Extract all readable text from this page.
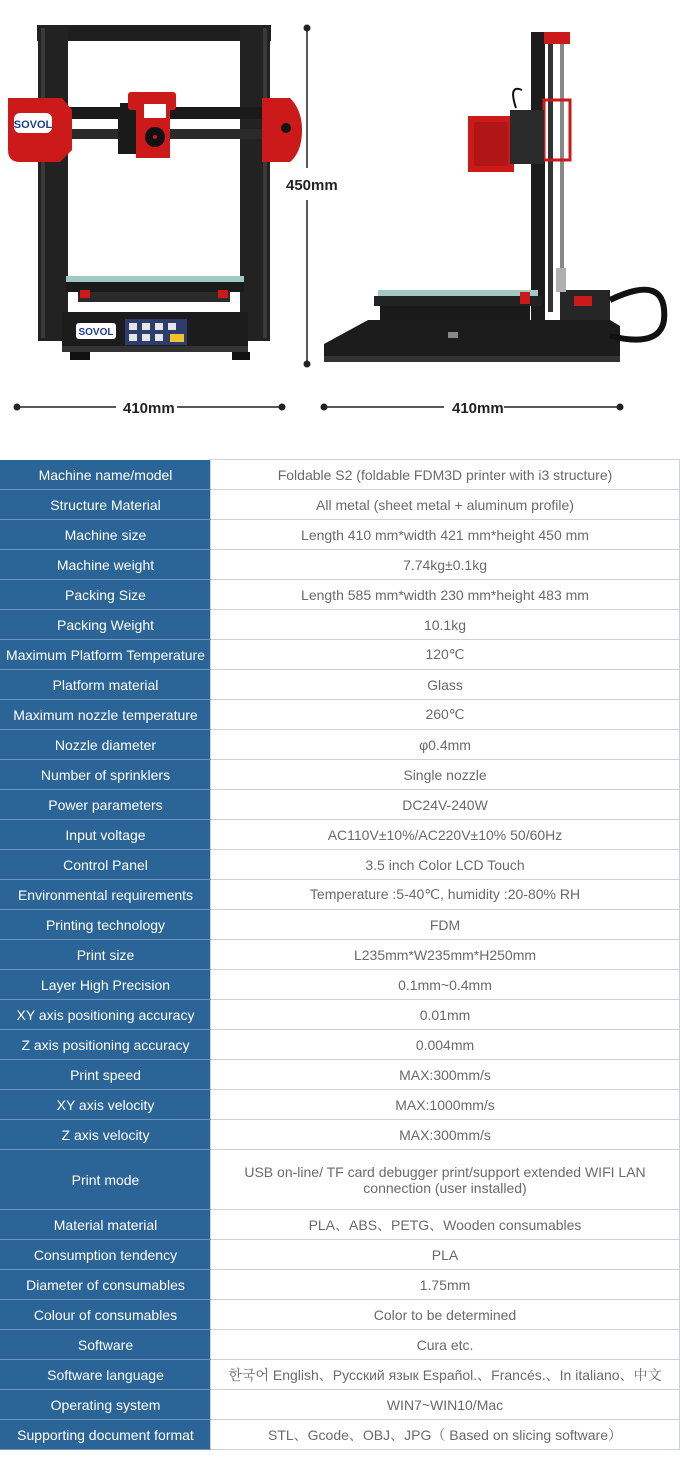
SOVOL
SOVOL
450mm
410mm	410mm
Machine name/model	Foldable S2 (foldable FDM3D printer with i3 structure)
Structure Material	All metal (sheet metal + aluminum profile)
Machine size	Length 410 mm*width 421 mm*height 450 mm
Machine weight	7.74kg±0.1kg
Packing Size	Length 585 mm*width 230 mm*height 483 mm
Packing Weight	10.1kg
Maximum Platform Temperature	120℃
Platform material	Glass
Maximum nozzle temperature	260℃
Nozzle diameter	φ0.4mm
Number of sprinklers	Single nozzle
Power parameters	DC24V-240W
Input voltage	AC110V±10%/AC220V±10% 50/60Hz
Control Panel	3.5 inch Color LCD Touch
Environmental requirements	Temperature :5-40℃, humidity :20-80% RH
Printing technology	FDM
Print size	L235mm*W235mm*H250mm
Layer High Precision	0.1mm~0.4mm
XY axis positioning accuracy	0.01mm
Z axis positioning accuracy	0.004mm
Print speed	MAX:300mm/s
XY axis velocity	MAX:1000mm/s
Z axis velocity	MAX:300mm/s
Print mode	USB on-line/ TF card debugger print/support extended WIFI LAN connection (user installed)
Material material	PLA、ABS、PETG、Wooden consumables
Consumption tendency	PLA
Diameter of consumables	1.75mm
Colour of consumables	Color to be determined
Software	Cura etc.
Software language	한국어 English、Русский язык Español.、Francés.、In italiano、中文
Operating system	WIN7~WIN10/Mac
Supporting document format	STL、Gcode、OBJ、JPG（ Based on slicing software）
